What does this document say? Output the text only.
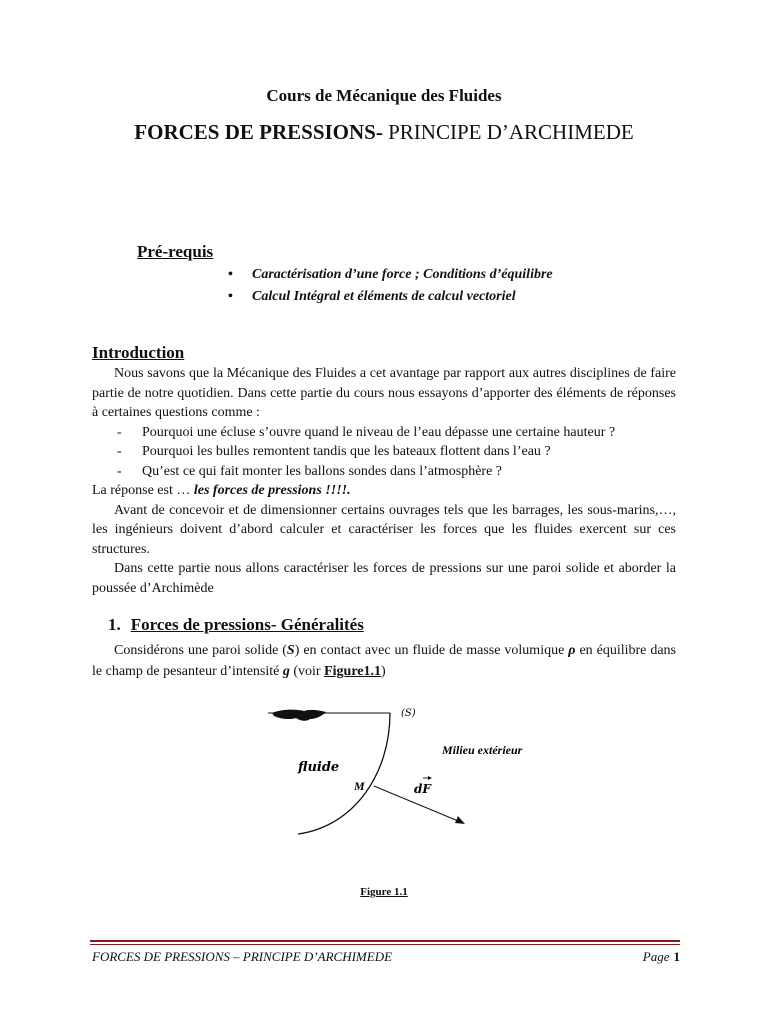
Cours de Mécanique des Fluides
FORCES DE PRESSIONS- PRINCIPE D’ARCHIMEDE
Pré-requis
• Caractérisation d’une force ; Conditions d’équilibre
• Calcul Intégral et éléments de calcul vectoriel
Introduction

Nous savons que la Mécanique des Fluides a cet avantage par rapport aux autres disciplines de faire partie de notre quotidien. Dans cette partie du cours nous essayons d’apporter des éléments de réponses à certaines questions comme :

- Pourquoi une écluse s’ouvre quand le niveau de l’eau dépasse une certaine hauteur ?
- Pourquoi les bulles remontent tandis que les bateaux flottent dans l’eau ?
- Qu’est ce qui fait monter les ballons sondes dans l’atmosphère ?

La réponse est … les forces de pressions !!!!.

Avant de concevoir et de dimensionner certains ouvrages tels que les barrages, les sous-marins,…, les ingénieurs doivent d’abord calculer et caractériser les forces que les fluides exercent sur ces structures.

Dans cette partie nous allons caractériser les forces de pressions sur une paroi solide et aborder la poussée d’Archimède

1. Forces de pressions- Généralités

Considérons une paroi solide (S) en contact avec un fluide de masse volumique ρ en équilibre dans le champ de pesanteur d’intensité g (voir Figure1.1)

(S)
Milieu extérieur
fluide
M	dF
Figure 1.1
FORCES DE PRESSIONS – PRINCIPE D’ARCHIMEDE	Page 1
